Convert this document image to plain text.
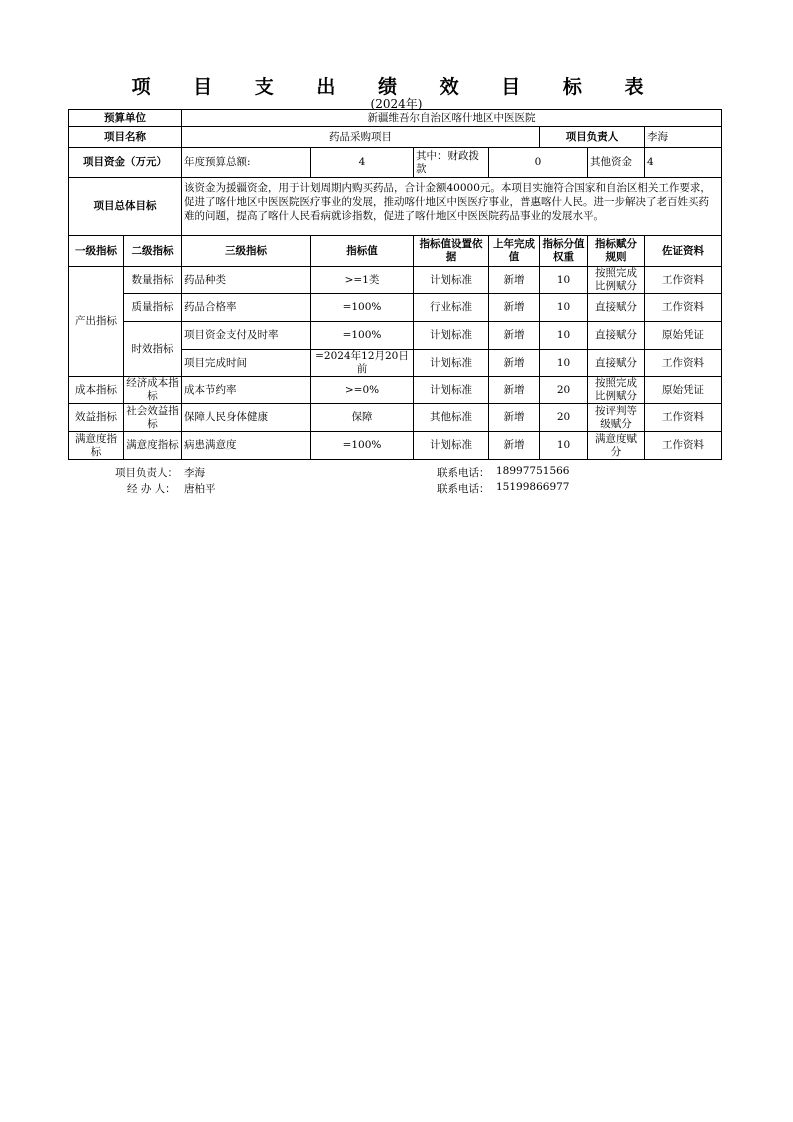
项 目 支 出 绩 效 目 标 表
(2024年)
预算单位		新疆维吾尔自治区喀什地区中医医院						
项目名称		药品采购项目				项目负责人		李海
项目资金（万元）		年度预算总额:	4	其中：财政拨款	0		其他资金	4
项目总体目标		该资金为援疆资金，用于计划周期内购买药品，合计金额40000元。本项目实施符合国家和自治区相关工作要求，促进了喀什地区中医医院医疗事业的发展，推动喀什地区中医医疗事业，普惠喀什人民。进一步解决了老百姓买药难的问题，提高了喀什人民看病就诊指数，促进了喀什地区中医医院药品事业的发展水平。						
一级指标	二级指标	三级指标	指标值	指标值设置依据	上年完成值	指标分值权重	指标赋分规则	佐证资料
产出指标	数量指标	药品种类	>=1类	计划标准	新增	10	按照完成比例赋分	工作资料
	质量指标	药品合格率	=100%	行业标准	新增	10	直接赋分	工作资料
	时效指标	项目资金支付及时率	=100%	计划标准	新增	10	直接赋分	原始凭证
		项目完成时间	=2024年12月20日前	计划标准	新增	10	直接赋分	工作资料
成本指标	经济成本指标	成本节约率	>=0%	计划标准	新增	20	按照完成比例赋分	原始凭证
效益指标	社会效益指标	保障人民身体健康	保障	其他标准	新增	20	按评判等级赋分	工作资料
满意度指标	满意度指标	病患满意度	=100%	计划标准	新增	10	满意度赋分	工作资料
项目负责人： 李海	联系电话： 18997751566
经 办 人： 唐柏平	联系电话： 15199866977
